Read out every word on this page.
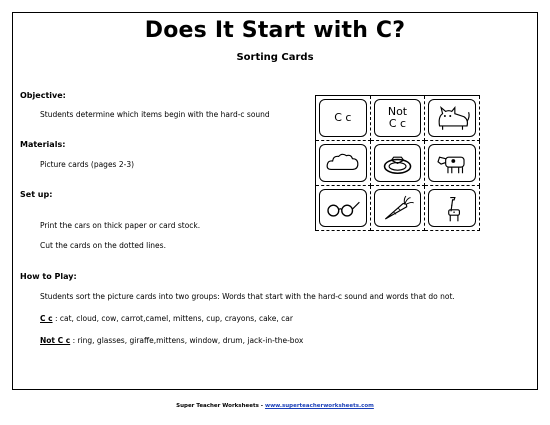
Does It Start with C?
Sorting Cards
Objective:
Students determine which items begin with the hard-c sound
Materials:
Picture cards (pages 2-3)
Set up:
Print the cars on thick paper or card stock.
Cut the cards on the dotted lines.
How to Play:
Students sort the picture cards into two groups: Words that start with the hard-c sound and words that do not.
C c : cat, cloud, cow, carrot,camel, mittens, cup, crayons, cake, car
Not C c : ring, glasses, giraffe,mittens, window, drum, jack-in-the-box
C c	Not
C c
Super Teacher Worksheets - www.superteacherworksheets.com
